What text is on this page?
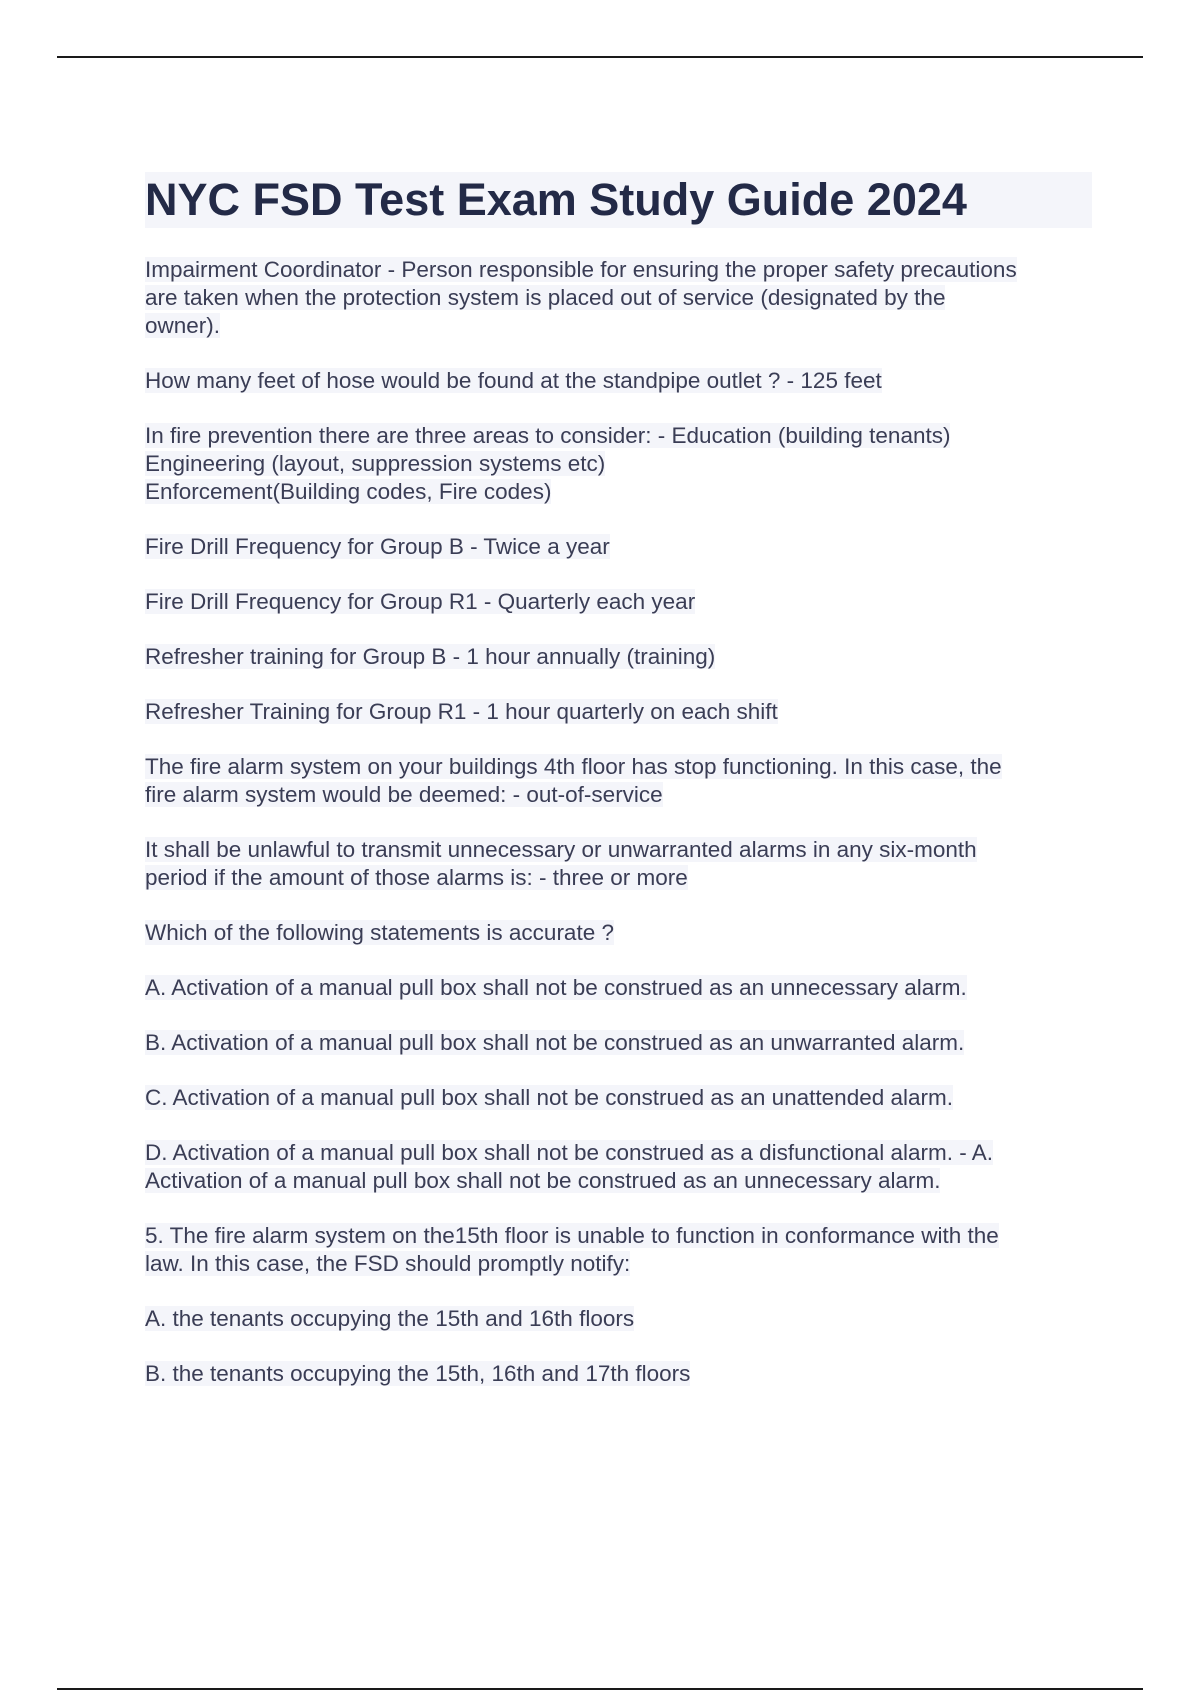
NYC FSD Test Exam Study Guide 2024

Impairment Coordinator - Person responsible for ensuring the proper safety precautions
are taken when the protection system is placed out of service (designated by the
owner).

How many feet of hose would be found at the standpipe outlet ? - 125 feet

In fire prevention there are three areas to consider: - Education (building tenants)
Engineering (layout, suppression systems etc)
Enforcement(Building codes, Fire codes)

Fire Drill Frequency for Group B - Twice a year

Fire Drill Frequency for Group R1 - Quarterly each year

Refresher training for Group B - 1 hour annually (training)

Refresher Training for Group R1 - 1 hour quarterly on each shift

The fire alarm system on your buildings 4th floor has stop functioning. In this case, the
fire alarm system would be deemed: - out-of-service

It shall be unlawful to transmit unnecessary or unwarranted alarms in any six-month
period if the amount of those alarms is: - three or more

Which of the following statements is accurate ?

A. Activation of a manual pull box shall not be construed as an unnecessary alarm.

B. Activation of a manual pull box shall not be construed as an unwarranted alarm.

C. Activation of a manual pull box shall not be construed as an unattended alarm.

D. Activation of a manual pull box shall not be construed as a disfunctional alarm. - A.
Activation of a manual pull box shall not be construed as an unnecessary alarm.

5. The fire alarm system on the15th floor is unable to function in conformance with the
law. In this case, the FSD should promptly notify:

A. the tenants occupying the 15th and 16th floors

B. the tenants occupying the 15th, 16th and 17th floors
